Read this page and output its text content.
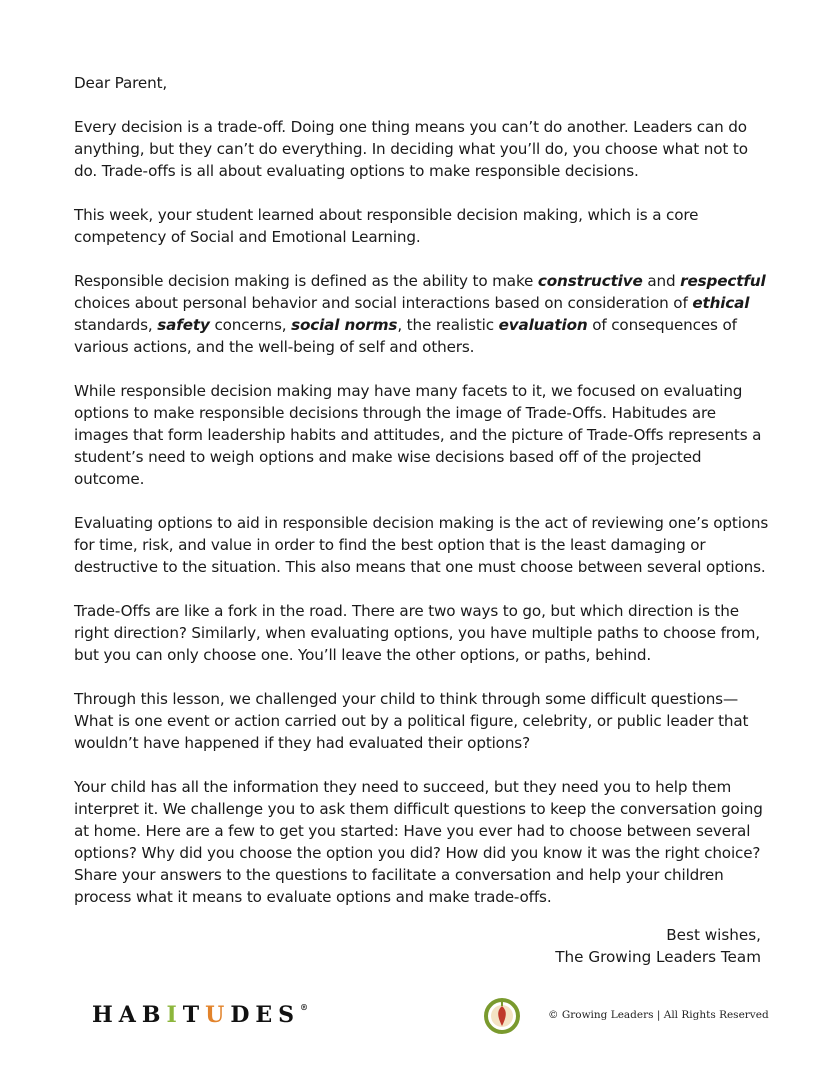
Dear Parent,

Every decision is a trade-off. Doing one thing means you can’t do another. Leaders can do anything, but they can’t do everything. In deciding what you’ll do, you choose what not to do. Trade-offs is all about evaluating options to make responsible decisions.

This week, your student learned about responsible decision making, which is a core competency of Social and Emotional Learning.

Responsible decision making is defined as the ability to make constructive and respectful choices about personal behavior and social interactions based on consideration of ethical standards, safety concerns, social norms, the realistic evaluation of consequences of various actions, and the well-being of self and others.

While responsible decision making may have many facets to it, we focused on evaluating options to make responsible decisions through the image of Trade-Offs. Habitudes are images that form leadership habits and attitudes, and the picture of Trade-Offs represents a student’s need to weigh options and make wise decisions based off of the projected outcome.

Evaluating options to aid in responsible decision making is the act of reviewing one’s options for time, risk, and value in order to find the best option that is the least damaging or destructive to the situation. This also means that one must choose between several options.

Trade-Offs are like a fork in the road. There are two ways to go, but which direction is the right direction? Similarly, when evaluating options, you have multiple paths to choose from, but you can only choose one. You’ll leave the other options, or paths, behind.

Through this lesson, we challenged your child to think through some difficult questions—What is one event or action carried out by a political figure, celebrity, or public leader that wouldn’t have happened if they had evaluated their options?

Your child has all the information they need to succeed, but they need you to help them interpret it. We challenge you to ask them difficult questions to keep the conversation going at home. Here are a few to get you started: Have you ever had to choose between several options? Why did you choose the option you did? How did you know it was the right choice? Share your answers to the questions to facilitate a conversation and help your children process what it means to evaluate options and make trade-offs.

Best wishes,
The Growing Leaders Team
HABITUDES®
© Growing Leaders | All Rights Reserved
